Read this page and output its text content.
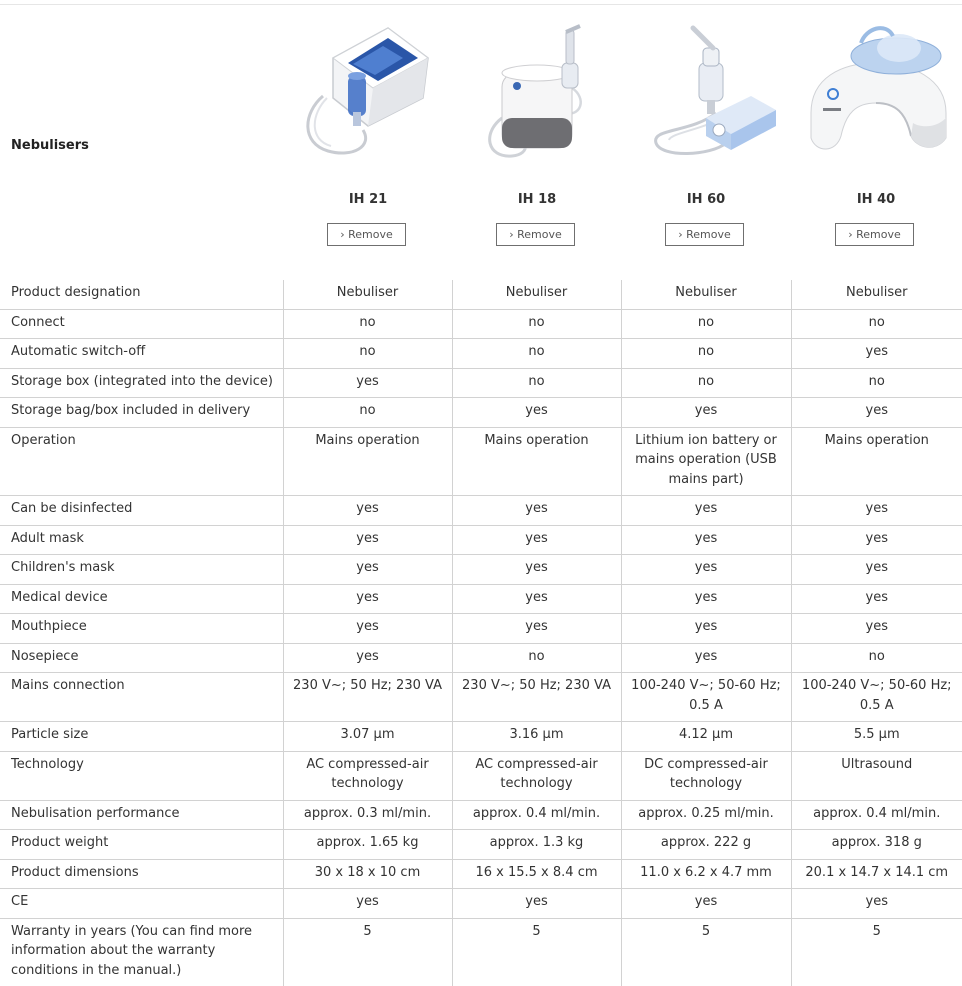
Nebulisers
IH 21
› Remove
IH 18
› Remove
IH 60
› Remove
IH 40
› Remove
Product designation	Nebuliser	Nebuliser	Nebuliser	Nebuliser
Connect	no	no	no	no
Automatic switch-off	no	no	no	yes
Storage box (integrated into the device)	yes	no	no	no
Storage bag/box included in delivery	no	yes	yes	yes
Operation	Mains operation	Mains operation	Lithium ion battery or mains operation (USB mains part)	Mains operation
Can be disinfected	yes	yes	yes	yes
Adult mask	yes	yes	yes	yes
Children's mask	yes	yes	yes	yes
Medical device	yes	yes	yes	yes
Mouthpiece	yes	yes	yes	yes
Nosepiece	yes	no	yes	no
Mains connection	230 V~; 50 Hz; 230 VA	230 V~; 50 Hz; 230 VA	100-240 V~; 50-60 Hz; 0.5 A	100-240 V~; 50-60 Hz; 0.5 A
Particle size	3.07 µm	3.16 µm	4.12 µm	5.5 µm
Technology	AC compressed-air technology	AC compressed-air technology	DC compressed-air technology	Ultrasound
Nebulisation performance	approx. 0.3 ml/min.	approx. 0.4 ml/min.	approx. 0.25 ml/min.	approx. 0.4 ml/min.
Product weight	approx. 1.65 kg	approx. 1.3 kg	approx. 222 g	approx. 318 g
Product dimensions	30 x 18 x 10 cm	16 x 15.5 x 8.4 cm	11.0 x 6.2 x 4.7 mm	20.1 x 14.7 x 14.1 cm
CE	yes	yes	yes	yes
Warranty in years (You can find more information about the warranty conditions in the manual.)	5	5	5	5
